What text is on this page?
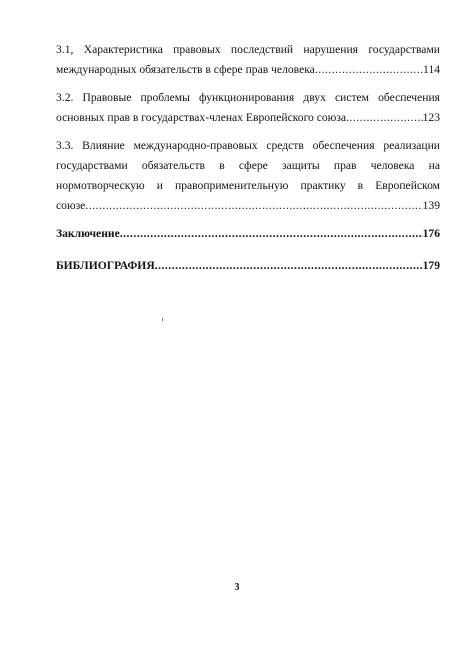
3.1, Характеристика правовых последствий нарушения государствами
международных обязательств в сфере прав человека .....	114
3.2. Правовые проблемы функционирования двух систем обеспечения
основных прав в государствах-членах Европейского союза .....	123
3.3. Влияние международно-правовых средств обеспечения реализации
государствами обязательств в сфере защиты прав человека на
нормотворческую и правоприменительную практику в Европейском
союзе .....	139
Заключение .....	176
БИБЛИОГРАФИЯ .....	179
3
